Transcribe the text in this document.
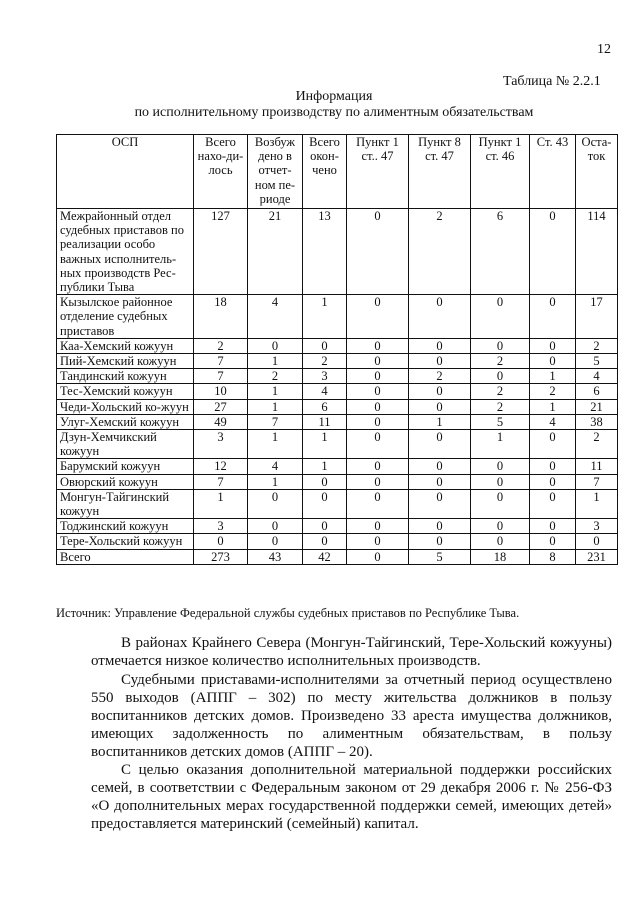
12
Таблица № 2.2.1
Информация
по исполнительному производству по алиментным обязательствам
ОСП	Всего нахо-ди-лось	Возбуж дено в отчет-ном пе-риоде	Всего окон-чено	Пункт 1 ст.. 47	Пункт 8 ст. 47	Пункт 1 ст. 46	Ст. 43	Оста-ток
Межрайонный отдел судебных приставов по реализации особо важных исполнитель-ных производств Рес-публики Тыва	127	21	13	0	2	6	0	114
Кызылское районное отделение судебных приставов	18	4	1	0	0	0	0	17
Каа-Хемский кожуун	2	0	0	0	0	0	0	2
Пий-Хемский кожуун	7	1	2	0	0	2	0	5
Тандинский кожуун	7	2	3	0	2	0	1	4
Тес-Хемский кожуун	10	1	4	0	0	2	2	6
Чеди-Хольский ко-жуун	27	1	6	0	0	2	1	21
Улуг-Хемский кожуун	49	7	11	0	1	5	4	38
Дзун-Хемчикский кожуун	3	1	1	0	0	1	0	2
Барумский кожуун	12	4	1	0	0	0	0	11
Овюрский кожуун	7	1	0	0	0	0	0	7
Монгун-Тайгинский кожуун	1	0	0	0	0	0	0	1
Тоджинский кожуун	3	0	0	0	0	0	0	3
Тере-Хольский кожуун	0	0	0	0	0	0	0	0
Всего	273	43	42	0	5	18	8	231
Источник: Управление Федеральной службы судебных приставов по Республике Тыва.

В районах Крайнего Севера (Монгун-Тайгинский, Тере-Хольский кожууны) отмечается низкое количество исполнительных производств.

Судебными приставами-исполнителями за отчетный период осуществлено 550 выходов (АППГ – 302) по месту жительства должников в пользу воспитанников детских домов. Произведено 33 ареста имущества должников, имеющих задолженность по алиментным обязательствам, в пользу воспитанников детских домов (АППГ – 20).

С целью оказания дополнительной материальной поддержки российских семей, в соответствии с Федеральным законом от 29 декабря 2006 г. № 256-ФЗ «О дополнительных мерах государственной поддержки семей, имеющих детей» предоставляется материнский (семейный) капитал.
